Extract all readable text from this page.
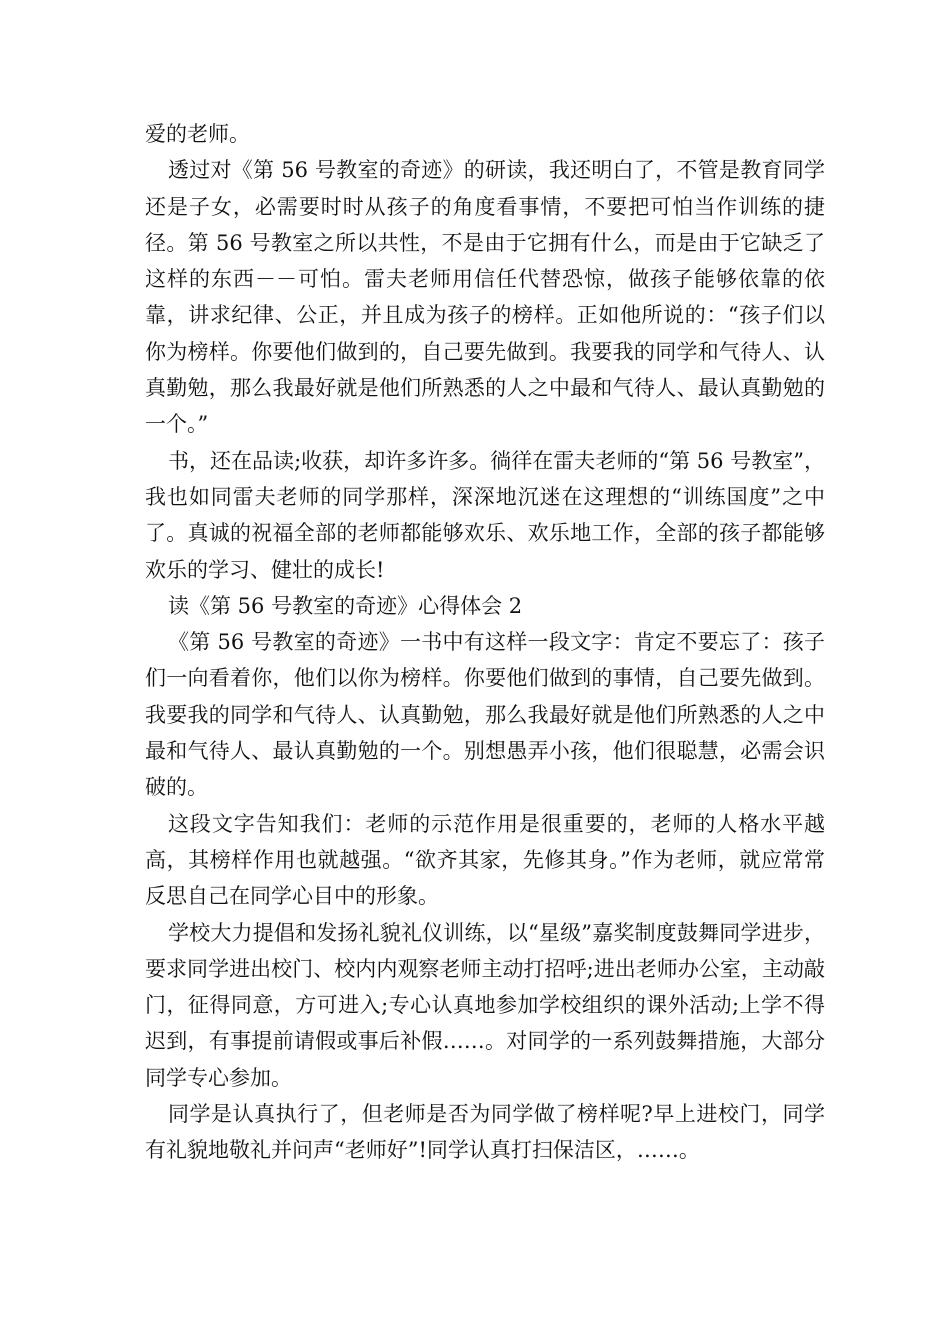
爱的老师。

透过对《第 56 号教室的奇迹》的研读，我还明白了，不管是教育同学还是子女，必需要时时从孩子的角度看事情，不要把可怕当作训练的捷径。第 56 号教室之所以共性，不是由于它拥有什么，而是由于它缺乏了这样的东西－－可怕。雷夫老师用信任代替恐惊，做孩子能够依靠的依靠，讲求纪律、公正，并且成为孩子的榜样。正如他所说的：“孩子们以你为榜样。你要他们做到的，自己要先做到。我要我的同学和气待人、认真勤勉，那么我最好就是他们所熟悉的人之中最和气待人、最认真勤勉的一个。”

书，还在品读;收获，却许多许多。徜徉在雷夫老师的“第 56 号教室”，我也如同雷夫老师的同学那样，深深地沉迷在这理想的“训练国度”之中了。真诚的祝福全部的老师都能够欢乐、欢乐地工作，全部的孩子都能够欢乐的学习、健壮的成长!

读《第 56 号教室的奇迹》心得体会 2

《第 56 号教室的奇迹》一书中有这样一段文字：肯定不要忘了：孩子们一向看着你，他们以你为榜样。你要他们做到的事情，自己要先做到。我要我的同学和气待人、认真勤勉，那么我最好就是他们所熟悉的人之中最和气待人、最认真勤勉的一个。别想愚弄小孩，他们很聪慧，必需会识破的。

这段文字告知我们：老师的示范作用是很重要的，老师的人格水平越高，其榜样作用也就越强。“欲齐其家，先修其身。”作为老师，就应常常反思自己在同学心目中的形象。

学校大力提倡和发扬礼貌礼仪训练，以“星级”嘉奖制度鼓舞同学进步，要求同学进出校门、校内内观察老师主动打招呼;进出老师办公室，主动敲门，征得同意，方可进入;专心认真地参加学校组织的课外活动;上学不得迟到，有事提前请假或事后补假……。对同学的一系列鼓舞措施，大部分同学专心参加。

同学是认真执行了，但老师是否为同学做了榜样呢?早上进校门，同学有礼貌地敬礼并问声“老师好”!同学认真打扫保洁区，……。
